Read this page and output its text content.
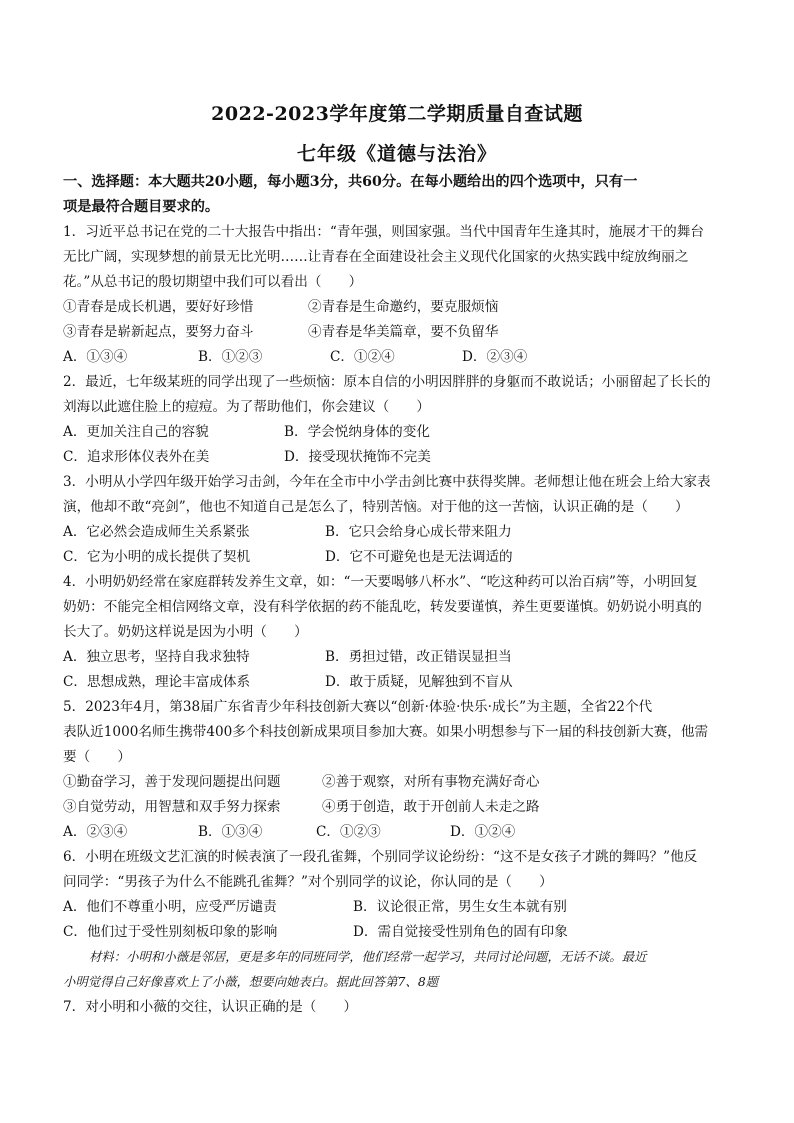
2022-2023学年度第二学期质量自查试题
七年级《道德与法治》
一、选择题：本大题共20小题，每小题3分，共60分。在每小题给出的四个选项中，只有一
项是最符合题目要求的。
1．习近平总书记在党的二十大报告中指出：“青年强，则国家强。当代中国青年生逢其时，施展才干的舞台
无比广阔，实现梦想的前景无比光明……让青春在全面建设社会主义现代化国家的火热实践中绽放绚丽之
花。”从总书记的殷切期望中我们可以看出（　　）
①青春是成长机遇，要好好珍惜	②青春是生命邀约，要克服烦恼
③青春是崭新起点，要努力奋斗	④青春是华美篇章，要不负留华
A．①③④	B．①②③	C．①②④	D．②③④
2．最近，七年级某班的同学出现了一些烦恼：原本自信的小明因胖胖的身躯而不敢说话；小丽留起了长长的
刘海以此遮住脸上的痘痘。为了帮助他们，你会建议（　　）
A．更加关注自己的容貌	B．学会悦纳身体的变化
C．追求形体仪表外在美	D．接受现状掩饰不完美
3．小明从小学四年级开始学习击剑，今年在全市中小学击剑比赛中获得奖牌。老师想让他在班会上给大家表
演，他却不敢“亮剑”，他也不知道自己是怎么了，特别苦恼。对于他的这一苦恼，认识正确的是（　　）
A．它必然会造成师生关系紧张	B．它只会给身心成长带来阻力
C．它为小明的成长提供了契机	D．它不可避免也是无法调适的
4．小明奶奶经常在家庭群转发养生文章，如：“一天要喝够八杯水”、“吃这种药可以治百病”等，小明回复
奶奶：不能完全相信网络文章，没有科学依据的药不能乱吃，转发要谨慎，养生更要谨慎。奶奶说小明真的
长大了。奶奶这样说是因为小明（　　）
A．独立思考，坚持自我求独特	B．勇担过错，改正错误显担当
C．思想成熟，理论丰富成体系	D．敢于质疑，见解独到不盲从
5．2023年4月，第38届广东省青少年科技创新大赛以“创新·体验·快乐·成长”为主题，全省22个代
表队近1000名师生携带400多个科技创新成果项目参加大赛。如果小明想参与下一届的科技创新大赛，他需
要（　　）
①勤奋学习，善于发现问题提出问题	②善于观察，对所有事物充满好奇心
③自觉劳动，用智慧和双手努力探索	④勇于创造，敢于开创前人未走之路
A．②③④	B．①③④	C．①②③	D．①②④
6．小明在班级文艺汇演的时候表演了一段孔雀舞，个别同学议论纷纷：“这不是女孩子才跳的舞吗？”他反
问同学：“男孩子为什么不能跳孔雀舞？”对个别同学的议论，你认同的是（　　）
A．他们不尊重小明，应受严厉谴责	B．议论很正常，男生女生本就有别
C．他们过于受性别刻板印象的影响	D．需自觉接受性别角色的固有印象
材料：小明和小薇是邻居，更是多年的同班同学，他们经常一起学习，共同讨论问题，无话不谈。最近
小明觉得自己好像喜欢上了小薇，想要向她表白。据此回答第7、8题
7．对小明和小薇的交往，认识正确的是（　　）
